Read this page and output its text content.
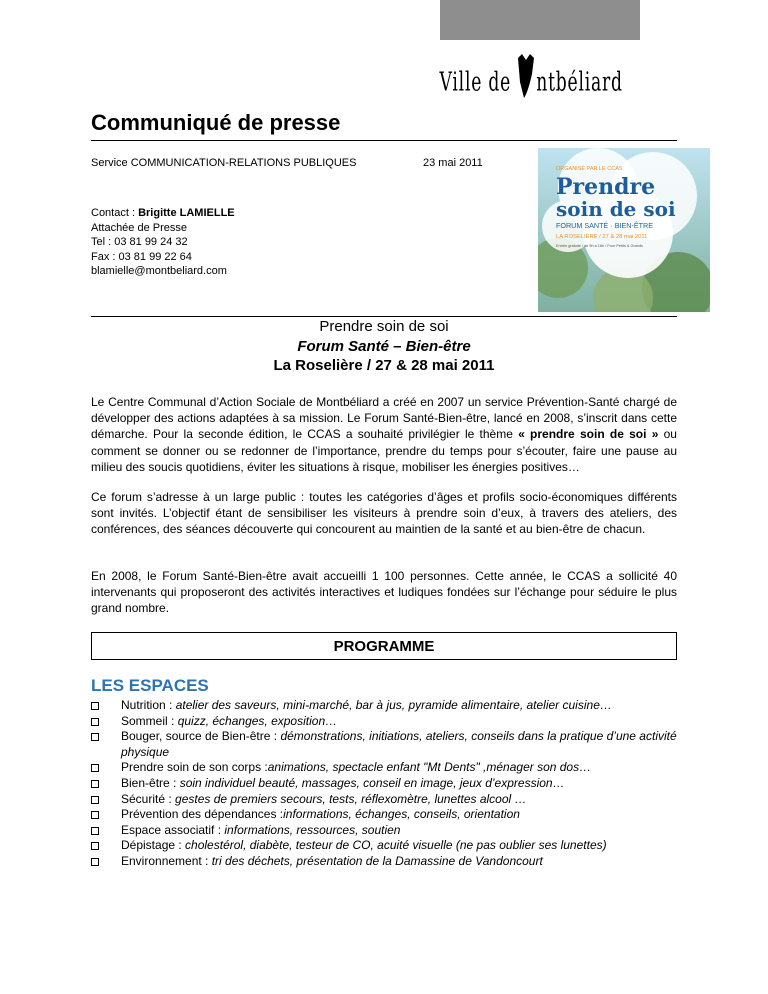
Ville de ntbéliard
Communiqué de presse
Service COMMUNICATION-RELATIONS PUBLIQUES	23 mai 2011
Contact : Brigitte LAMIELLE
Attachée de Presse
Tel : 03 81 99 24 32
Fax : 03 81 99 22 64
blamielle@montbeliard.com
ORGANISÉ PAR LE CCAS
Prendre
soin de soi
FORUM SANTÉ · BIEN-ÊTRE
LA ROSELIÈRE / 27 & 28 mai 2011
Entrée gratuite / de 9h à 18h / Pour Petits & Grands
Prendre soin de soi
Forum Santé – Bien-être
La Roselière / 27 & 28 mai 2011

Le Centre Communal d’Action Sociale de Montbéliard a créé en 2007 un service Prévention-Santé chargé de développer des actions adaptées à sa mission. Le Forum Santé-Bien-être, lancé en 2008, s’inscrit dans cette démarche. Pour la seconde édition, le CCAS a souhaité privilégier le thème « prendre soin de soi » ou comment se donner ou se redonner de l’importance, prendre du temps pour s’écouter, faire une pause au milieu des soucis quotidiens, éviter les situations à risque, mobiliser les énergies positives…

Ce forum s’adresse à un large public : toutes les catégories d’âges et profils socio-économiques différents sont invités. L’objectif étant de sensibiliser les visiteurs à prendre soin d’eux, à travers des ateliers, des conférences, des séances découverte qui concourent au maintien de la santé et au bien-être de chacun.

En 2008, le Forum Santé-Bien-être avait accueilli 1 100 personnes. Cette année, le CCAS a sollicité 40 intervenants qui proposeront des activités interactives et ludiques fondées sur l’échange pour séduire le plus grand nombre.

PROGRAMME
LES ESPACES
Nutrition : atelier des saveurs, mini-marché, bar à jus, pyramide alimentaire, atelier cuisine…
Sommeil : quizz, échanges, exposition…
Bouger, source de Bien-être : démonstrations, initiations, ateliers, conseils dans la pratique d’une activité physique
Prendre soin de son corps :animations, spectacle enfant "Mt Dents" ,ménager son dos…
Bien-être : soin individuel beauté, massages, conseil en image, jeux d’expression…
Sécurité : gestes de premiers secours, tests, réflexomètre, lunettes alcool …
Prévention des dépendances :informations, échanges, conseils, orientation
Espace associatif : informations, ressources, soutien
Dépistage : cholestérol, diabète, testeur de CO, acuité visuelle (ne pas oublier ses lunettes)
Environnement : tri des déchets, présentation de la Damassine de Vandoncourt
